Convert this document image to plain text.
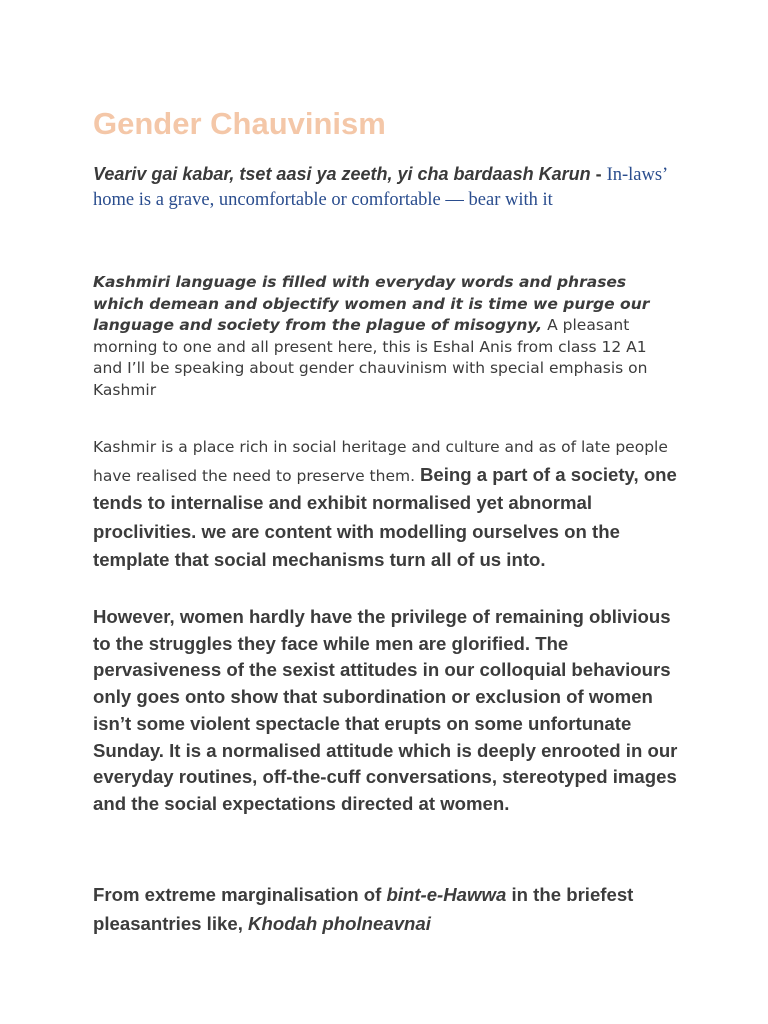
Gender Chauvinism

Veariv gai kabar, tset aasi ya zeeth, yi cha bardaash Karun - In-laws’ home is a grave, uncomfortable or comfortable — bear with it

Kashmiri language is filled with everyday words and phrases which demean and objectify women and it is time we purge our language and society from the plague of misogyny, A pleasant morning to one and all present here, this is Eshal Anis from class 12 A1 and I’ll be speaking about gender chauvinism with special emphasis on Kashmir

Kashmir is a place rich in social heritage and culture and as of late people have realised the need to preserve them. Being a part of a society, one tends to internalise and exhibit normalised yet abnormal proclivities. we are content with modelling ourselves on the template that social mechanisms turn all of us into.

However, women hardly have the privilege of remaining oblivious to the struggles they face while men are glorified. The pervasiveness of the sexist attitudes in our colloquial behaviours only goes onto show that subordination or exclusion of women isn’t some violent spectacle that erupts on some unfortunate Sunday. It is a normalised attitude which is deeply enrooted in our everyday routines, off-the-cuff conversations, stereotyped images and the social expectations directed at women.

From extreme marginalisation of bint-e-Hawwa in the briefest pleasantries like, Khodah pholneavnai
